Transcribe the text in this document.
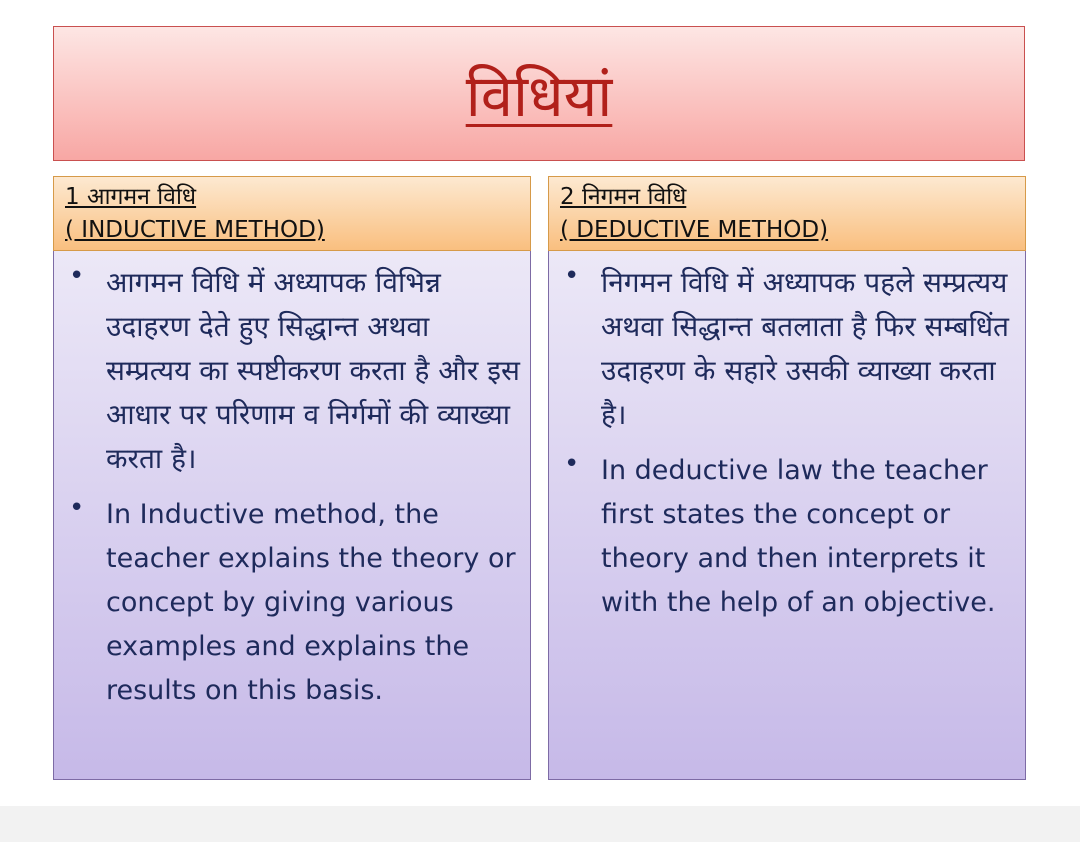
विधियां
1 आगमन विधि
( INDUCTIVE METHOD)
• आगमन विधि में अध्यापक विभिन्न उदाहरण देते हुए सिद्धान्त अथवा सम्प्रत्यय का स्पष्टीकरण करता है और इस आधार पर परिणाम व निर्गमों की व्याख्या करता है।
• In Inductive method, the teacher explains the theory or concept by giving various examples and explains the results on this basis.
2 निगमन विधि
( DEDUCTIVE METHOD)
• निगमन विधि में अध्यापक पहले सम्प्रत्यय अथवा सिद्धान्त बतलाता है फिर सम्बधिंत उदाहरण के सहारे उसकी व्याख्या करता है।
• In deductive law the teacher first states the concept or theory and then interprets it with the help of an objective.
